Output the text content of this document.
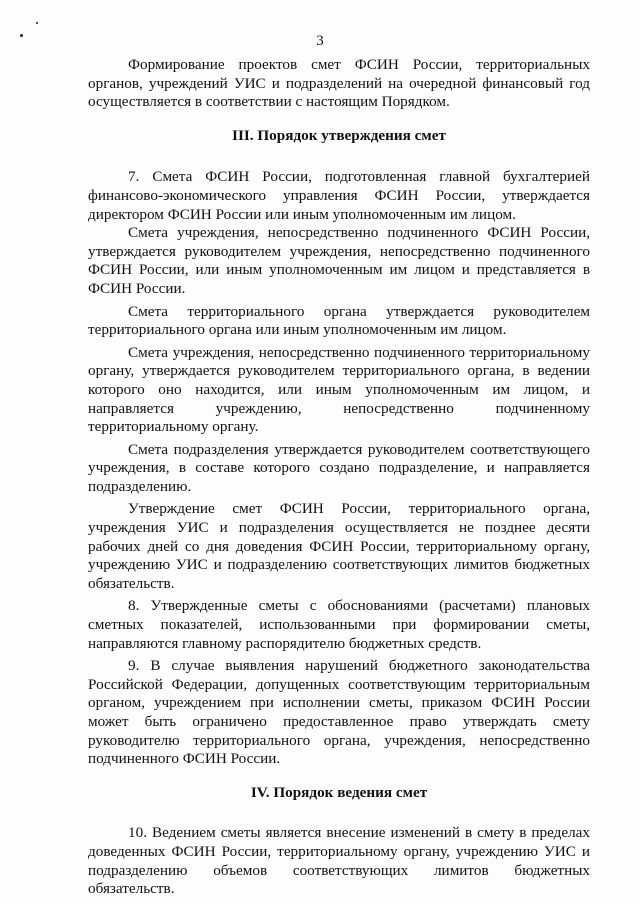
3

Формирование проектов смет ФСИН России, территориальных органов, учреждений УИС и подразделений на очередной финансовый год осуществляется в соответствии с настоящим Порядком.

III. Порядок утверждения смет

7. Смета ФСИН России, подготовленная главной бухгалтерией финансово-экономического управления ФСИН России, утверждается директором ФСИН России или иным уполномоченным им лицом.

Смета учреждения, непосредственно подчиненного ФСИН России, утверждается руководителем учреждения, непосредственно подчиненного ФСИН России, или иным уполномоченным им лицом и представляется в ФСИН России.

Смета территориального органа утверждается руководителем территориального органа или иным уполномоченным им лицом.

Смета учреждения, непосредственно подчиненного территориальному органу, утверждается руководителем территориального органа, в ведении которого оно находится, или иным уполномоченным им лицом, и направляется учреждению, непосредственно подчиненному территориальному органу.

Смета подразделения утверждается руководителем соответствующего учреждения, в составе которого создано подразделение, и направляется подразделению.

Утверждение смет ФСИН России, территориального органа, учреждения УИС и подразделения осуществляется не позднее десяти рабочих дней со дня доведения ФСИН России, территориальному органу, учреждению УИС и подразделению соответствующих лимитов бюджетных обязательств.

8. Утвержденные сметы с обоснованиями (расчетами) плановых сметных показателей, использованными при формировании сметы, направляются главному распорядителю бюджетных средств.

9. В случае выявления нарушений бюджетного законодательства Российской Федерации, допущенных соответствующим территориальным органом, учреждением при исполнении сметы, приказом ФСИН России может быть ограничено предоставленное право утверждать смету руководителю территориального органа, учреждения, непосредственно подчиненного ФСИН России.

IV. Порядок ведения смет

10. Ведением сметы является внесение изменений в смету в пределах доведенных ФСИН России, территориальному органу, учреждению УИС и подразделению объемов соответствующих лимитов бюджетных обязательств.
